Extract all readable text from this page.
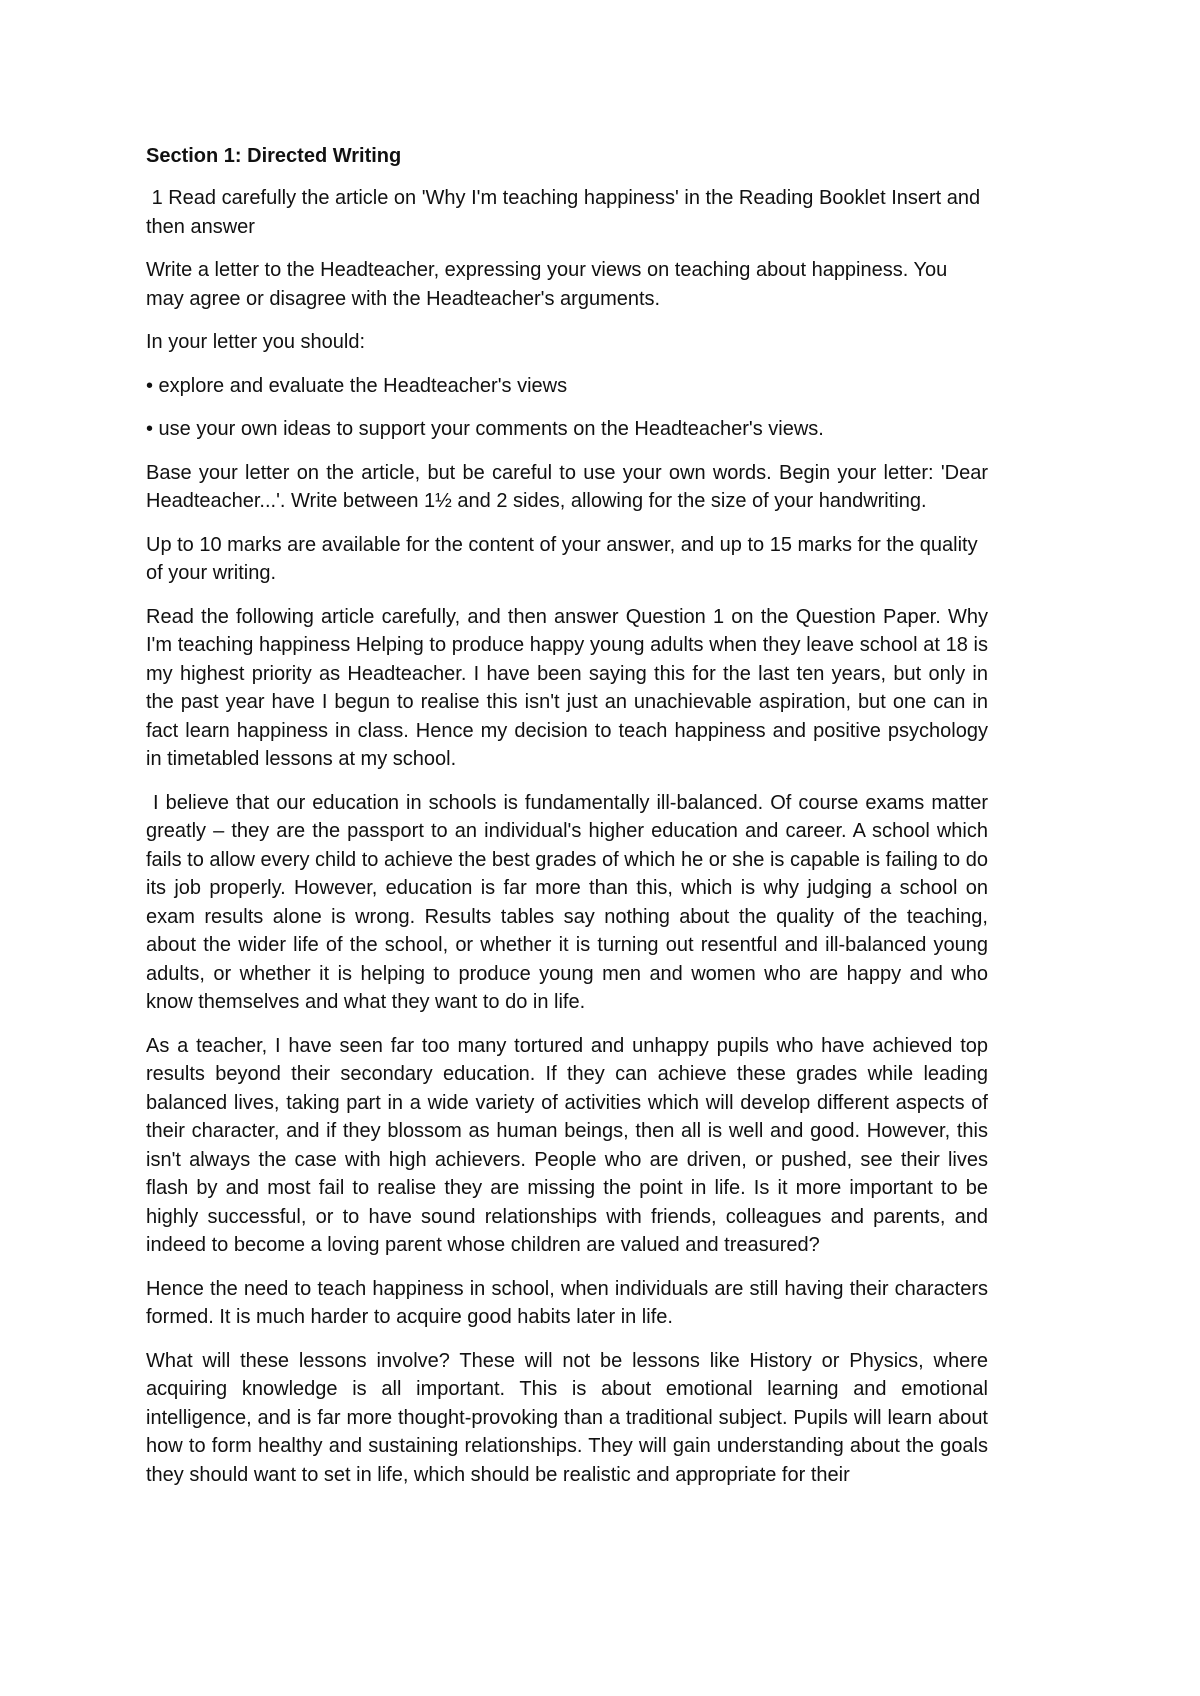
Section 1: Directed Writing
1 Read carefully the article on 'Why I'm teaching happiness' in the Reading Booklet Insert and then answer
Write a letter to the Headteacher, expressing your views on teaching about happiness. You may agree or disagree with the Headteacher's arguments.
In your letter you should:
• explore and evaluate the Headteacher's views
• use your own ideas to support your comments on the Headteacher's views.
Base your letter on the article, but be careful to use your own words. Begin your letter: 'Dear Headteacher...'. Write between 1½ and 2 sides, allowing for the size of your handwriting.
Up to 10 marks are available for the content of your answer, and up to 15 marks for the quality of your writing.
Read the following article carefully, and then answer Question 1 on the Question Paper. Why I'm teaching happiness Helping to produce happy young adults when they leave school at 18 is my highest priority as Headteacher. I have been saying this for the last ten years, but only in the past year have I begun to realise this isn't just an unachievable aspiration, but one can in fact learn happiness in class. Hence my decision to teach happiness and positive psychology in timetabled lessons at my school.
I believe that our education in schools is fundamentally ill-balanced. Of course exams matter greatly – they are the passport to an individual's higher education and career. A school which fails to allow every child to achieve the best grades of which he or she is capable is failing to do its job properly. However, education is far more than this, which is why judging a school on exam results alone is wrong. Results tables say nothing about the quality of the teaching, about the wider life of the school, or whether it is turning out resentful and ill-balanced young adults, or whether it is helping to produce young men and women who are happy and who know themselves and what they want to do in life.
As a teacher, I have seen far too many tortured and unhappy pupils who have achieved top results beyond their secondary education. If they can achieve these grades while leading balanced lives, taking part in a wide variety of activities which will develop different aspects of their character, and if they blossom as human beings, then all is well and good. However, this isn't always the case with high achievers. People who are driven, or pushed, see their lives flash by and most fail to realise they are missing the point in life. Is it more important to be highly successful, or to have sound relationships with friends, colleagues and parents, and indeed to become a loving parent whose children are valued and treasured?
Hence the need to teach happiness in school, when individuals are still having their characters formed. It is much harder to acquire good habits later in life.
What will these lessons involve? These will not be lessons like History or Physics, where acquiring knowledge is all important. This is about emotional learning and emotional intelligence, and is far more thought-provoking than a traditional subject. Pupils will learn about how to form healthy and sustaining relationships. They will gain understanding about the goals they should want to set in life, which should be realistic and appropriate for their
